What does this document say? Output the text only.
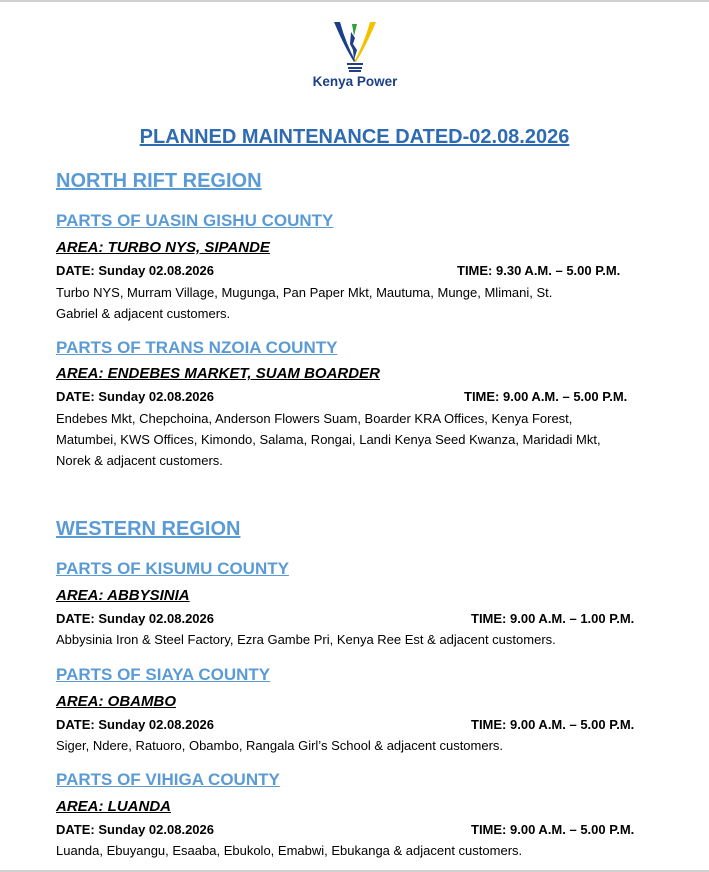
Kenya Power
PLANNED MAINTENANCE DATED-02.08.2026
NORTH RIFT REGION
PARTS OF UASIN GISHU COUNTY
AREA: TURBO NYS, SIPANDE
DATE: Sunday 02.08.2026	TIME: 9.30 A.M. – 5.00 P.M.
Turbo NYS, Murram Village, Mugunga, Pan Paper Mkt, Mautuma, Munge, Mlimani, St.
Gabriel & adjacent customers.
PARTS OF TRANS NZOIA COUNTY
AREA: ENDEBES MARKET, SUAM BOARDER
DATE: Sunday 02.08.2026	TIME: 9.00 A.M. – 5.00 P.M.
Endebes Mkt, Chepchoina, Anderson Flowers Suam, Boarder KRA Offices, Kenya Forest,
Matumbei, KWS Offices, Kimondo, Salama, Rongai, Landi Kenya Seed Kwanza, Maridadi Mkt,
Norek & adjacent customers.
WESTERN REGION
PARTS OF KISUMU COUNTY
AREA: ABBYSINIA
DATE: Sunday 02.08.2026	TIME: 9.00 A.M. – 1.00 P.M.
Abbysinia Iron & Steel Factory, Ezra Gambe Pri, Kenya Ree Est & adjacent customers.
PARTS OF SIAYA COUNTY
AREA: OBAMBO
DATE: Sunday 02.08.2026	TIME: 9.00 A.M. – 5.00 P.M.
Siger, Ndere, Ratuoro, Obambo, Rangala Girl’s School & adjacent customers.
PARTS OF VIHIGA COUNTY
AREA: LUANDA
DATE: Sunday 02.08.2026	TIME: 9.00 A.M. – 5.00 P.M.
Luanda, Ebuyangu, Esaaba, Ebukolo, Emabwi, Ebukanga & adjacent customers.
